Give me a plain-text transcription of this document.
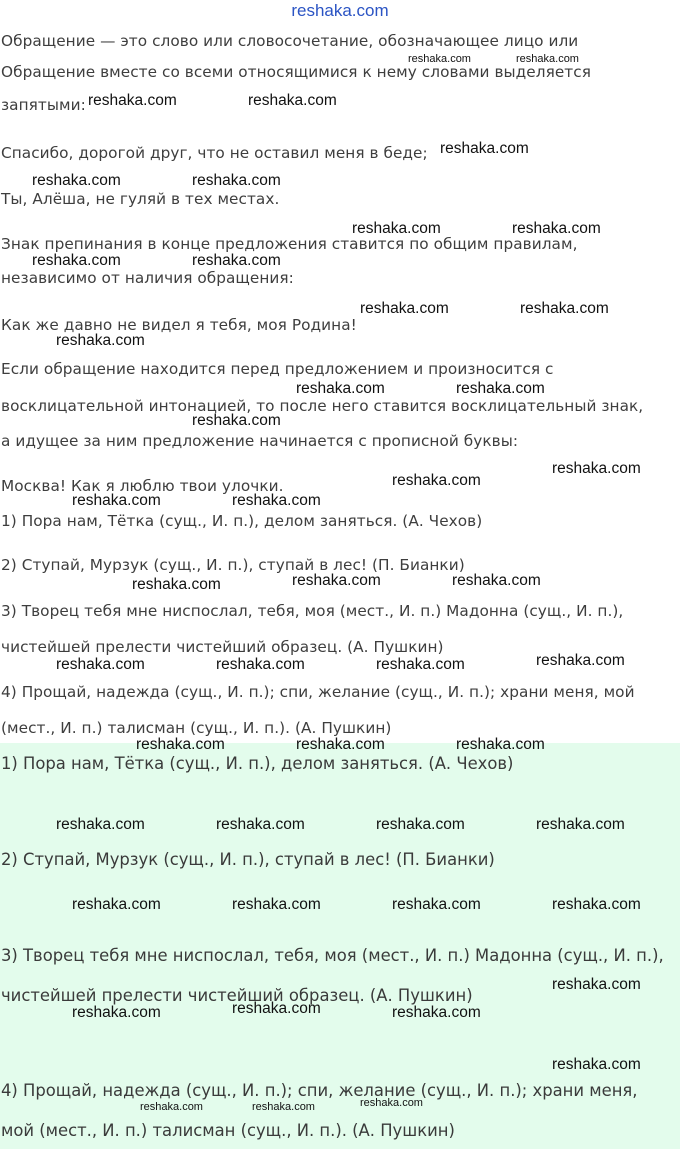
reshaka.com
Обращение — это слово или словосочетание, обозначающее лицо или
Обращение вместе со всеми относящимися к нему словами выделяется
запятыми:
Спасибо, дорогой друг, что не оставил меня в беде;
Ты, Алёша, не гуляй в тех местах.
Знак препинания в конце предложения ставится по общим правилам,
независимо от наличия обращения:
Как же давно не видел я тебя, моя Родина!
Если обращение находится перед предложением и произносится с
восклицательной интонацией, то после него ставится восклицательный знак,
а идущее за ним предложение начинается с прописной буквы:
Москва! Как я люблю твои улочки.
1) Пора нам, Тётка (сущ., И. п.), делом заняться. (А. Чехов)
2) Ступай, Мурзук (сущ., И. п.), ступай в лес! (П. Бианки)
3) Творец тебя мне ниспослал, тебя, моя (мест., И. п.) Мадонна (сущ., И. п.),
чистейшей прелести чистейший образец. (А. Пушкин)
4) Прощай, надежда (сущ., И. п.); спи, желание (сущ., И. п.); храни меня, мой
(мест., И. п.) талисман (сущ., И. п.). (А. Пушкин)
1) Пора нам, Тётка (сущ., И. п.), делом заняться. (А. Чехов)
2) Ступай, Мурзук (сущ., И. п.), ступай в лес! (П. Бианки)
3) Творец тебя мне ниспослал, тебя, моя (мест., И. п.) Мадонна (сущ., И. п.),
чистейшей прелести чистейший образец. (А. Пушкин)
4) Прощай, надежда (сущ., И. п.); спи, желание (сущ., И. п.); храни меня,
мой (мест., И. п.) талисман (сущ., И. п.). (А. Пушкин)
reshaka.com	reshaka.com
reshaka.com	reshaka.com
reshaka.com
reshaka.com	reshaka.com
reshaka.com	reshaka.com
reshaka.com	reshaka.com
reshaka.com	reshaka.com
reshaka.com
reshaka.com	reshaka.com
reshaka.com
reshaka.com
reshaka.com
reshaka.com	reshaka.com
reshaka.com	reshaka.com	reshaka.com
reshaka.com
reshaka.com	reshaka.com	reshaka.com
reshaka.com	reshaka.com	reshaka.com
reshaka.com	reshaka.com	reshaka.com	reshaka.com
reshaka.com	reshaka.com	reshaka.com	reshaka.com
reshaka.com
reshaka.com
reshaka.com	reshaka.com
reshaka.com
reshaka.com	reshaka.com	reshaka.com
